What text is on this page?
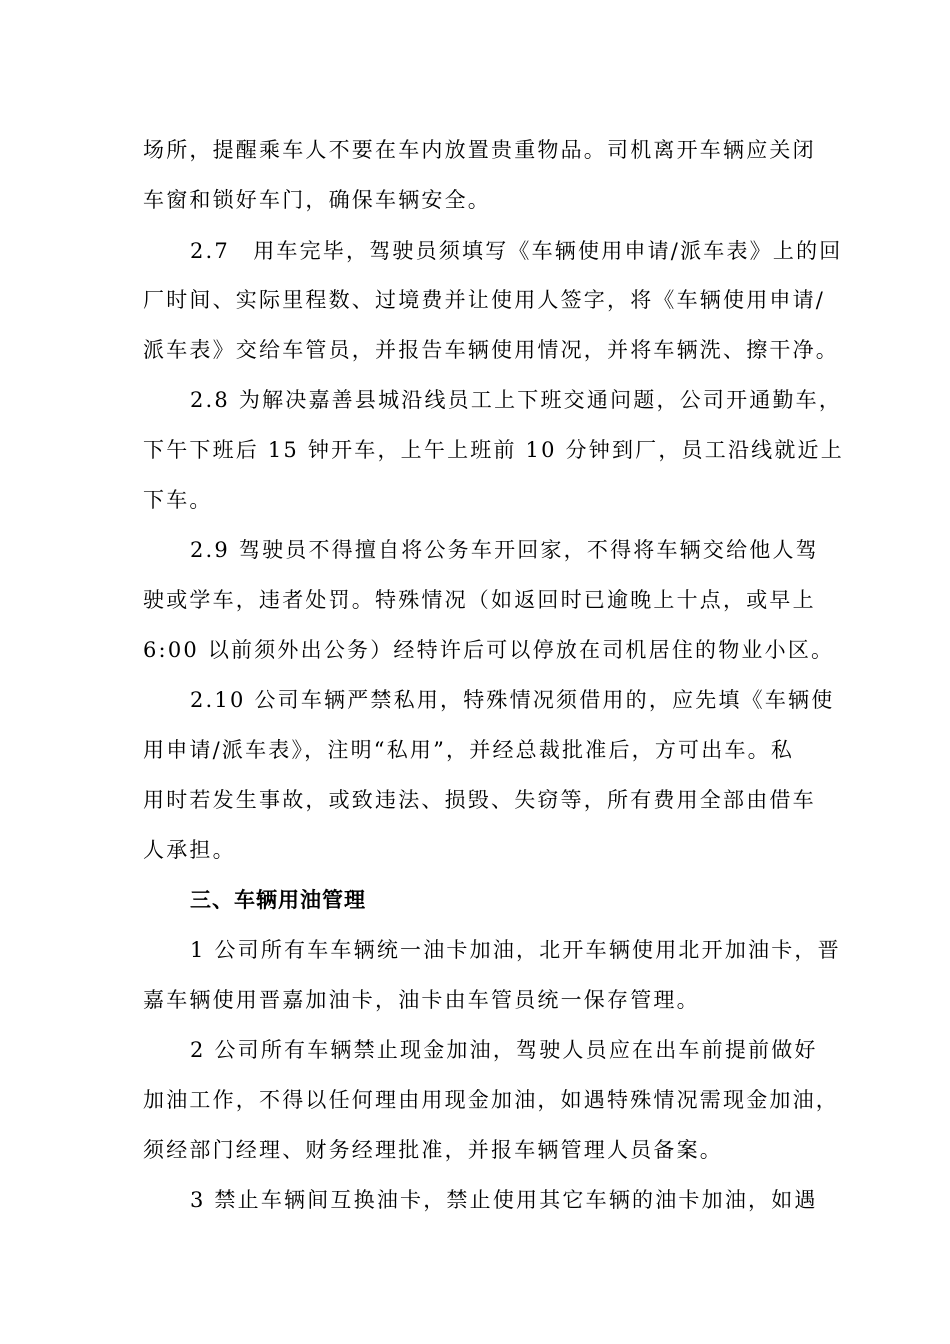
场所，提醒乘车人不要在车内放置贵重物品。司机离开车辆应关闭
车窗和锁好车门，确保车辆安全。
2.7　用车完毕，驾驶员须填写《车辆使用申请/派车表》上的回
厂时间、实际里程数、过境费并让使用人签字，将《车辆使用申请/
派车表》交给车管员，并报告车辆使用情况，并将车辆洗、擦干净。
2.8 为解决嘉善县城沿线员工上下班交通问题，公司开通勤车，
下午下班后 15 钟开车，上午上班前 10 分钟到厂，员工沿线就近上
下车。
2.9 驾驶员不得擅自将公务车开回家，不得将车辆交给他人驾
驶或学车，违者处罚。特殊情况（如返回时已逾晚上十点，或早上
6:00 以前须外出公务）经特许后可以停放在司机居住的物业小区。
2.10 公司车辆严禁私用，特殊情况须借用的，应先填《车辆使
用申请/派车表》，注明“私用”，并经总裁批准后，方可出车。私
用时若发生事故，或致违法、损毁、失窃等，所有费用全部由借车
人承担。
三、车辆用油管理
1 公司所有车车辆统一油卡加油，北开车辆使用北开加油卡，晋
嘉车辆使用晋嘉加油卡，油卡由车管员统一保存管理。
2 公司所有车辆禁止现金加油，驾驶人员应在出车前提前做好
加油工作，不得以任何理由用现金加油，如遇特殊情况需现金加油，
须经部门经理、财务经理批准，并报车辆管理人员备案。
3 禁止车辆间互换油卡，禁止使用其它车辆的油卡加油，如遇
